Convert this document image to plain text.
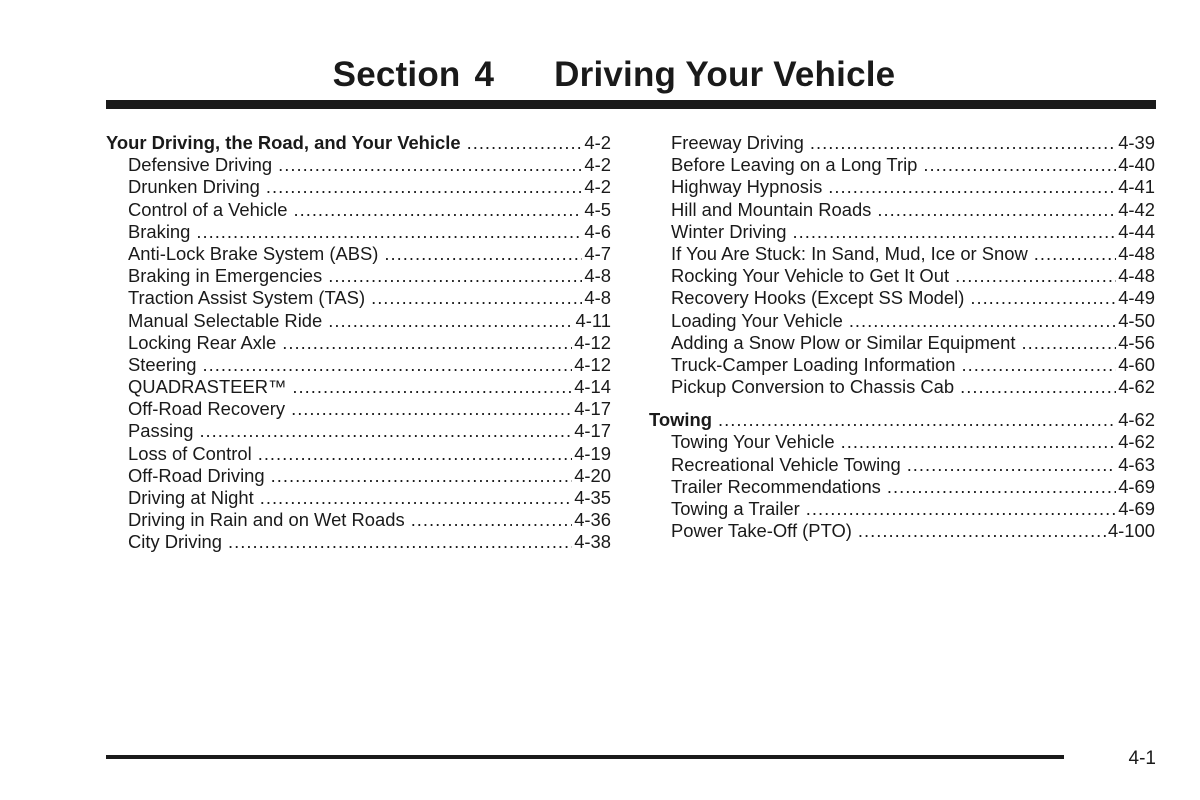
Section 4 Driving Your Vehicle
Your Driving, the Road, and Your Vehicle .....	4-2
Defensive Driving .....	4-2
Drunken Driving .....	4-2
Control of a Vehicle .....	4-5
Braking .....	4-6
Anti-Lock Brake System (ABS) .....	4-7
Braking in Emergencies .....	4-8
Traction Assist System (TAS) .....	4-8
Manual Selectable Ride .....	4-11
Locking Rear Axle .....	4-12
Steering .....	4-12
QUADRASTEER™ .....	4-14
Off-Road Recovery .....	4-17
Passing .....	4-17
Loss of Control .....	4-19
Off-Road Driving .....	4-20
Driving at Night .....	4-35
Driving in Rain and on Wet Roads .....	4-36
City Driving .....	4-38
Freeway Driving .....	4-39
Before Leaving on a Long Trip .....	4-40
Highway Hypnosis .....	4-41
Hill and Mountain Roads .....	4-42
Winter Driving .....	4-44
If You Are Stuck: In Sand, Mud, Ice or Snow .....	4-48
Rocking Your Vehicle to Get It Out .....	4-48
Recovery Hooks (Except SS Model) .....	4-49
Loading Your Vehicle .....	4-50
Adding a Snow Plow or Similar Equipment .....	4-56
Truck-Camper Loading Information .....	4-60
Pickup Conversion to Chassis Cab .....	4-62
Towing .....	4-62
Towing Your Vehicle .....	4-62
Recreational Vehicle Towing .....	4-63
Trailer Recommendations .....	4-69
Towing a Trailer .....	4-69
Power Take-Off (PTO) .....	4-100
4-1
